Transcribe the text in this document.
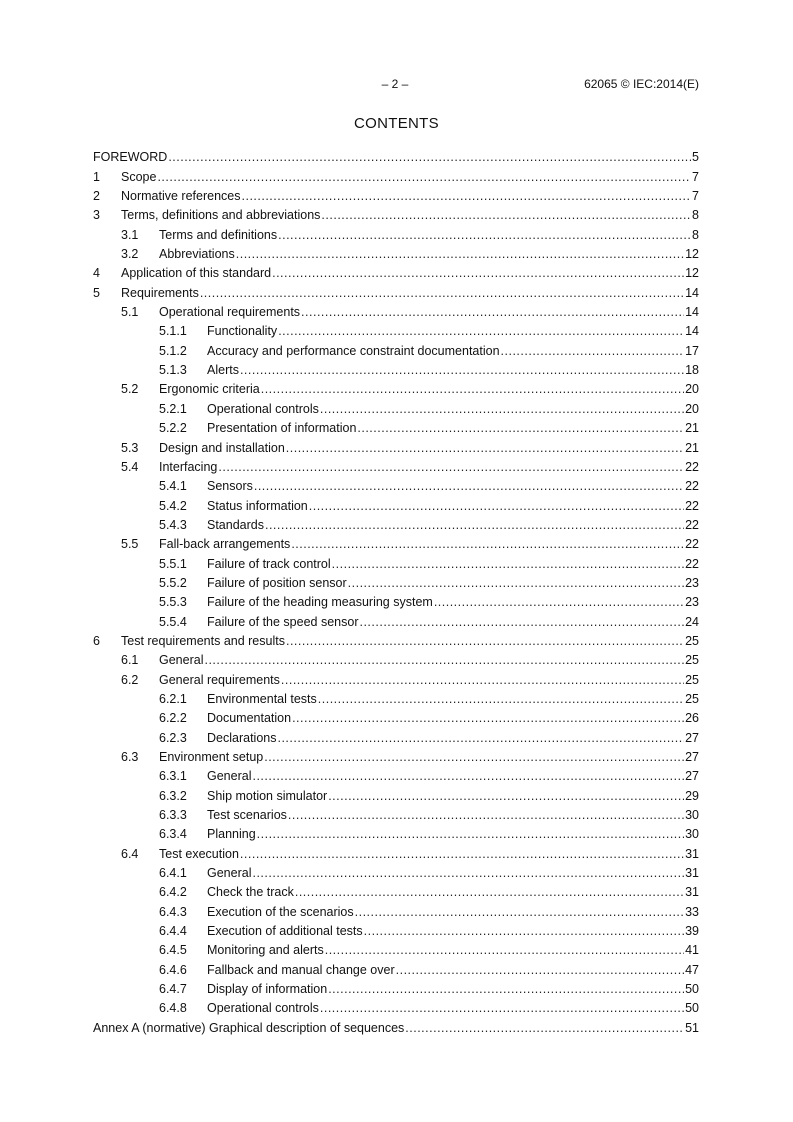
– 2 –	62065 © IEC:2014(E)
CONTENTS
FOREWORD .....	5
1	Scope .....	7
2	Normative references .....	7
3	Terms, definitions and abbreviations .....	8
3.1	Terms and definitions .....	8
3.2	Abbreviations .....	12
4	Application of this standard .....	12
5	Requirements .....	14
5.1	Operational requirements .....	14
5.1.1	Functionality .....	14
5.1.2	Accuracy and performance constraint documentation .....	17
5.1.3	Alerts .....	18
5.2	Ergonomic criteria .....	20
5.2.1	Operational controls .....	20
5.2.2	Presentation of information .....	21
5.3	Design and installation .....	21
5.4	Interfacing .....	22
5.4.1	Sensors .....	22
5.4.2	Status information .....	22
5.4.3	Standards .....	22
5.5	Fall-back arrangements .....	22
5.5.1	Failure of track control .....	22
5.5.2	Failure of position sensor .....	23
5.5.3	Failure of the heading measuring system .....	23
5.5.4	Failure of the speed sensor .....	24
6	Test requirements and results .....	25
6.1	General .....	25
6.2	General requirements .....	25
6.2.1	Environmental tests .....	25
6.2.2	Documentation .....	26
6.2.3	Declarations .....	27
6.3	Environment setup .....	27
6.3.1	General .....	27
6.3.2	Ship motion simulator .....	29
6.3.3	Test scenarios .....	30
6.3.4	Planning .....	30
6.4	Test execution .....	31
6.4.1	General .....	31
6.4.2	Check the track .....	31
6.4.3	Execution of the scenarios .....	33
6.4.4	Execution of additional tests .....	39
6.4.5	Monitoring and alerts .....	41
6.4.6	Fallback and manual change over .....	47
6.4.7	Display of information .....	50
6.4.8	Operational controls .....	50
Annex A (normative) Graphical description of sequences .....	51
